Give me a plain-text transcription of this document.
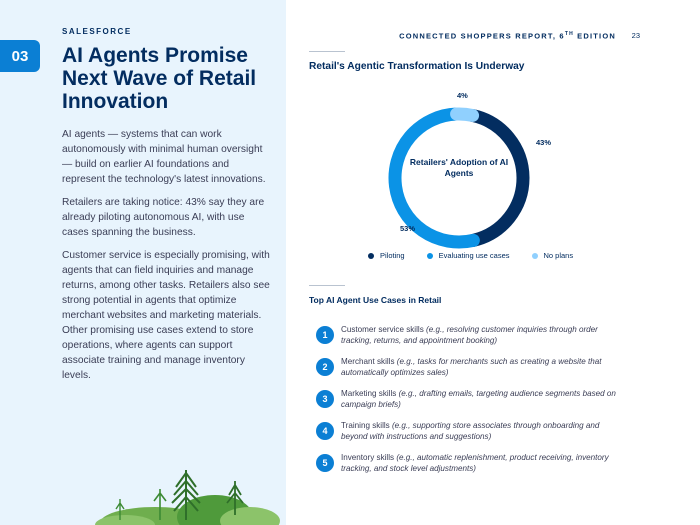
SALESFORCE
03	AI Agents Promise Next Wave of Retail Innovation

AI agents — systems that can work autonomously with minimal human oversight — build on earlier AI foundations and represent the technology's latest innovations.

Retailers are taking notice: 43% say they are already piloting autonomous AI, with use cases spanning the business.

Customer service is especially promising, with agents that can field inquiries and manage returns, among other tasks. Retailers also see strong potential in agents that optimize merchant websites and marketing materials. Other promising use cases extend to store operations, where agents can support associate training and manage inventory levels.

CONNECTED SHOPPERS REPORT, 6TH EDITION 23
Retail's Agentic Transformation Is Underway
Retailers' Adoption of AI Agents
43%
53%
4%
Piloting	Evaluating use cases	No plans
Top AI Agent Use Cases in Retail
1
Customer service skills (e.g., resolving customer inquiries through order tracking, returns, and appointment booking)
2
Merchant skills (e.g., tasks for merchants such as creating a website that automatically optimizes sales)
3
Marketing skills (e.g., drafting emails, targeting audience segments based on campaign briefs)
4
Training skills (e.g., supporting store associates through onboarding and beyond with instructions and suggestions)
5
Inventory skills (e.g., automatic replenishment, product receiving, inventory tracking, and stock level adjustments)
